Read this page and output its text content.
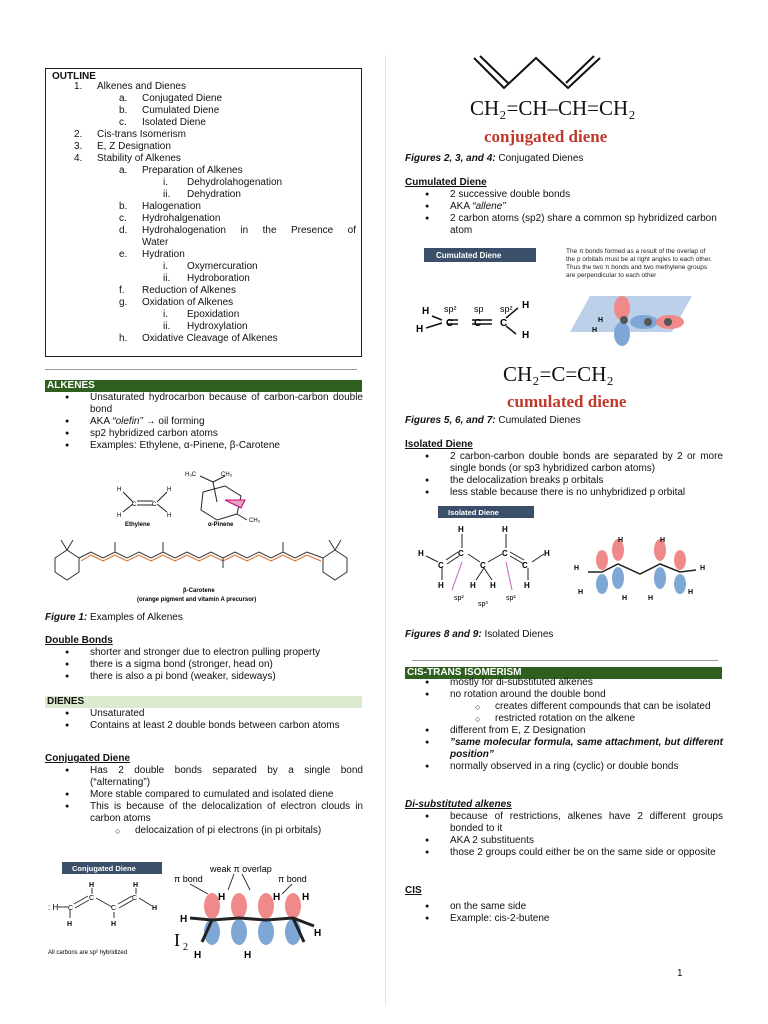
OUTLINE
1. Alkenes and Dienes
a. Conjugated Diene
b. Cumulated Diene
c. Isolated Diene
2. Cis-trans Isomerism
3. E, Z Designation
4. Stability of Alkenes
a. Preparation of Alkenes
i. Dehydrolahogenation
ii. Dehydration
b. Halogenation
c. Hydrohalgenation
d. Hydrohalogenation in the Presence of
Water
e. Hydration
i. Oxymercuration
ii. Hydroboration
f. Reduction of Alkenes
g. Oxidation of Alkenes
i. Epoxidation
ii. Hydroxylation
h. Oxidative Cleavage of Alkenes
ALKENES
● Unsaturated hydrocarbon because of carbon-carbon double bond
● AKA “olefin” → oil forming
● sp2 hybridized carbon atoms
● Examples: Ethylene, α-Pinene, β-Carotene
H
H
C	C
H
H
Ethylene
H₃C	CH₃
CH₃
α-Pinene
β-Carotene
(orange pigment and vitamin A precursor)
Figure 1: Examples of Alkenes
Double Bonds
● shorter and stronger due to electron pulling property
● there is a sigma bond (stronger, head on)
● there is also a pi bond (weaker, sideways)
DIENES
● Unsaturated
● Contains at least 2 double bonds between carbon atoms
Conjugated Diene
● Has 2 double bonds separated by a single bond (“alternating”)
● More stable compared to cumulated and isolated diene
● This is because of the delocalization of electron clouds in carbon atoms
○ delocaization of pi electrons (in pi orbitals)
Conjugated Diene
: H C
C
C
C
H
H
H
H
H
All carbons are sp² hybridized
weak π overlap
π bond	π bond
H
H	H H
H
H	H
I 2
CH₂=CH–CH=CH₂
conjugated diene
Figures 2, 3, and 4: Conjugated Dienes
Cumulated Diene
● 2 successive double bonds
● AKA “allene”
● 2 carbon atoms (sp2) share a common sp hybridized carbon atom
Cumulated Diene	The π bonds formed as a result of the overlap of the p orbitals must be at right angles to each other. Thus the two π bonds and two methylene groups are perpendicular to each other
H
H
C C C
H
H
sp² sp sp²
H
H
CH₂=C=CH₂
cumulated diene
Figures 5, 6, and 7: Cumulated Dienes
Isolated Diene
● 2 carbon-carbon double bonds are separated by 2 or more single bonds (or sp3 hybridized carbon atoms)
● the delocalization breaks p orbitals
● less stable because there is no unhybridized p orbital
Isolated Diene
H
C
C
C
C
C
H
H	H
H	H H	H
sp²
sp³
sp²
H	H
H	H
H	H
H	H
Figures 8 and 9: Isolated Dienes
CIS-TRANS ISOMERISM
● mostly for di-substituted alkenes
● no rotation around the double bond
○ creates different compounds that can be isolated
○ restricted rotation on the alkene
● different from E, Z Designation
● ”same molecular formula, same attachment, but different position”
● normally observed in a ring (cyclic) or double bonds
Di-substituted alkenes
● because of restrictions, alkenes have 2 different groups bonded to it
● AKA 2 substituents
● those 2 groups could either be on the same side or opposite
CIS
● on the same side
● Example: cis-2-butene
1
